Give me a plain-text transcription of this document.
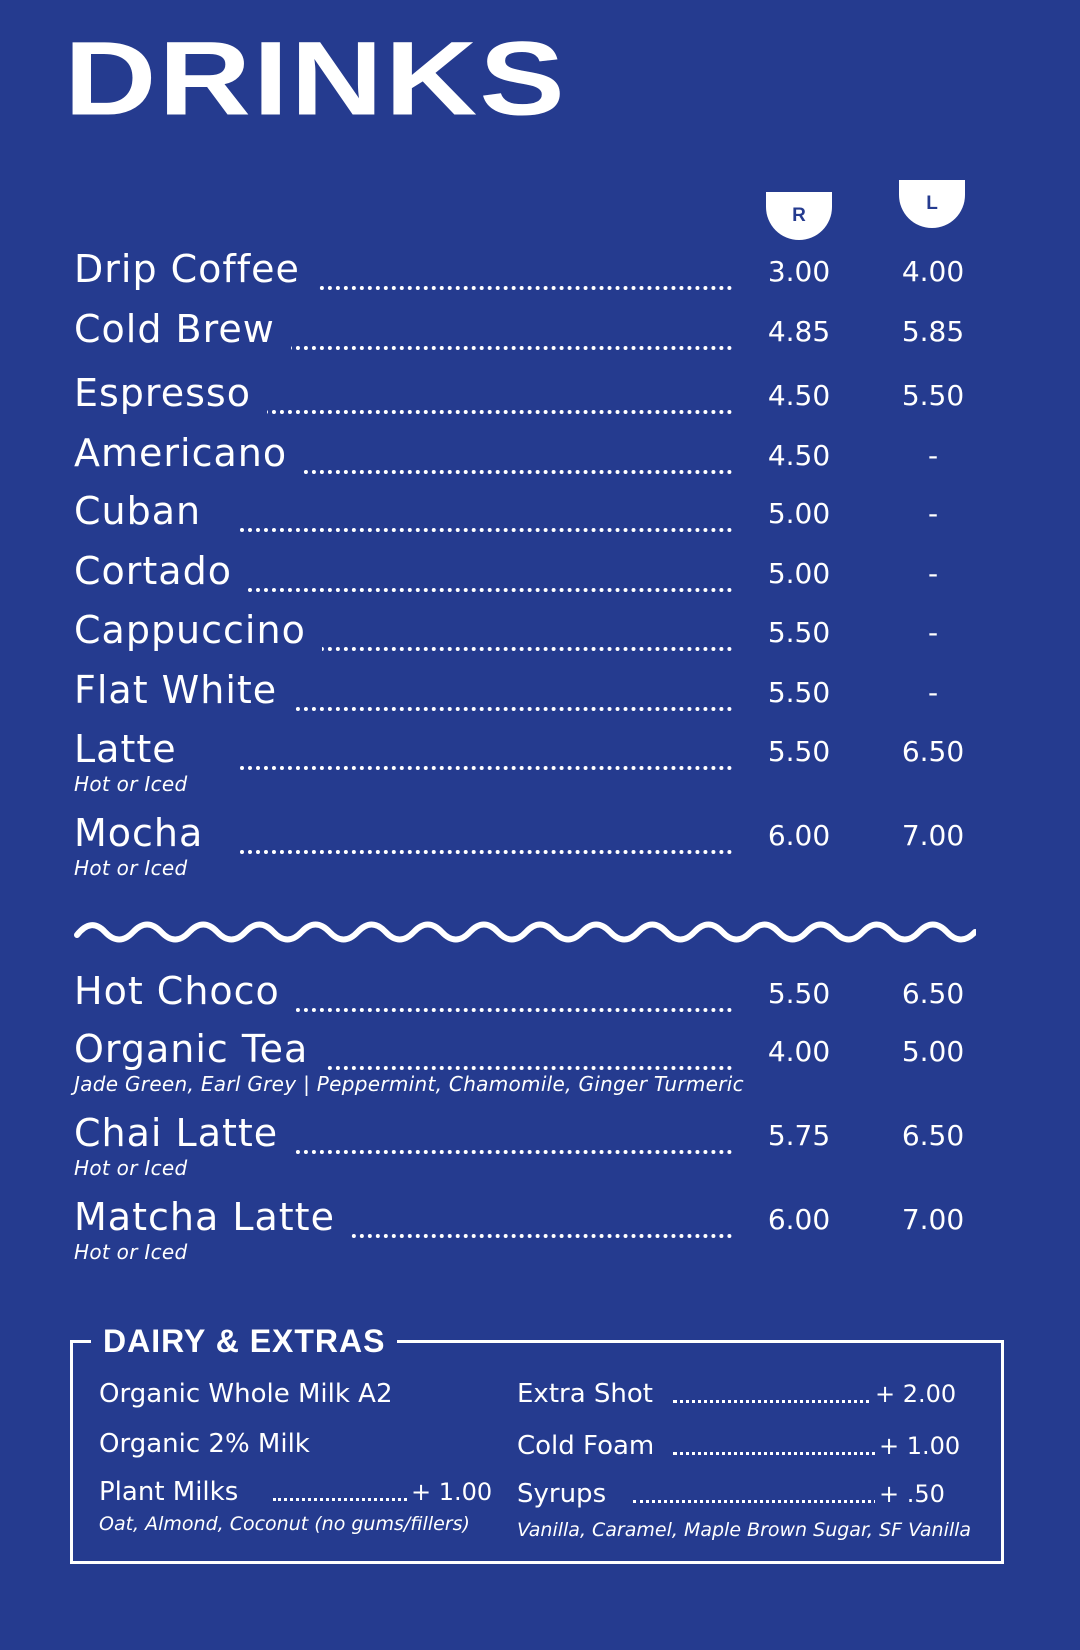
DRINKS
R
L
Drip Coffee	3.00	4.00
Cold Brew	4.85	5.85
Espresso	4.50	5.50
Americano	4.50	-
Cuban	5.00	-
Cortado	5.00	-
Cappuccino	5.50	-
Flat White	5.50	-
Latte
Hot or Iced
5.50	6.50
Mocha
Hot or Iced
6.00	7.00
Hot Choco	5.50	6.50
Organic Tea
Jade Green, Earl Grey | Peppermint, Chamomile, Ginger Turmeric
4.00	5.00
Chai Latte
Hot or Iced
5.75	6.50
Matcha Latte
Hot or Iced
6.00	7.00
DAIRY & EXTRAS
Organic Whole Milk A2
Organic 2% Milk
Plant Milks	+ 1.00
Oat, Almond, Coconut (no gums/fillers)
Extra Shot	+ 2.00
Cold Foam	+ 1.00
Syrups	+ .50
Vanilla, Caramel, Maple Brown Sugar, SF Vanilla
